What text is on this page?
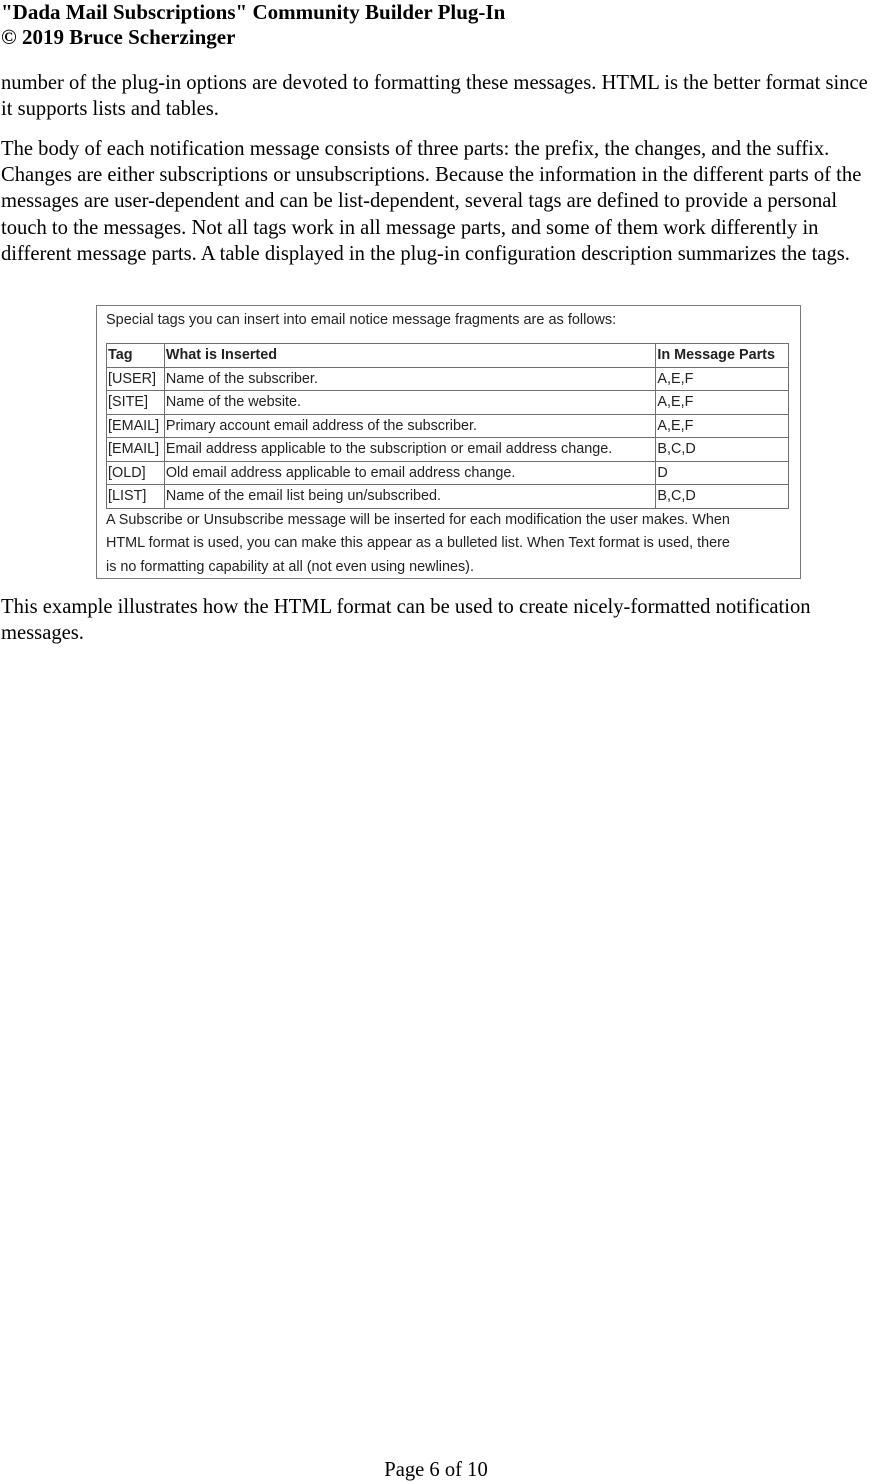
"Dada Mail Subscriptions" Community Builder Plug-In
© 2019 Bruce Scherzinger

number of the plug-in options are devoted to formatting these messages. HTML is the better format since it supports lists and tables.

The body of each notification message consists of three parts: the prefix, the changes, and the suffix. Changes are either subscriptions or unsubscriptions. Because the information in the different parts of the messages are user-dependent and can be list-dependent, several tags are defined to provide a personal touch to the messages. Not all tags work in all message parts, and some of them work differently in different message parts. A table displayed in the plug-in configuration description summarizes the tags.

Special tags you can insert into email notice message fragments are as follows:
Tag	What is Inserted	In Message Parts
[USER]	Name of the subscriber.	A,E,F
[SITE]	Name of the website.	A,E,F
[EMAIL]	Primary account email address of the subscriber.	A,E,F
[EMAIL]	Email address applicable to the subscription or email address change.	B,C,D
[OLD]	Old email address applicable to email address change.	D
[LIST]	Name of the email list being un/subscribed.	B,C,D
A Subscribe or Unsubscribe message will be inserted for each modification the user makes. When
HTML format is used, you can make this appear as a bulleted list. When Text format is used, there
is no formatting capability at all (not even using newlines).

This example illustrates how the HTML format can be used to create nicely-formatted notification messages.

Page 6 of 10
